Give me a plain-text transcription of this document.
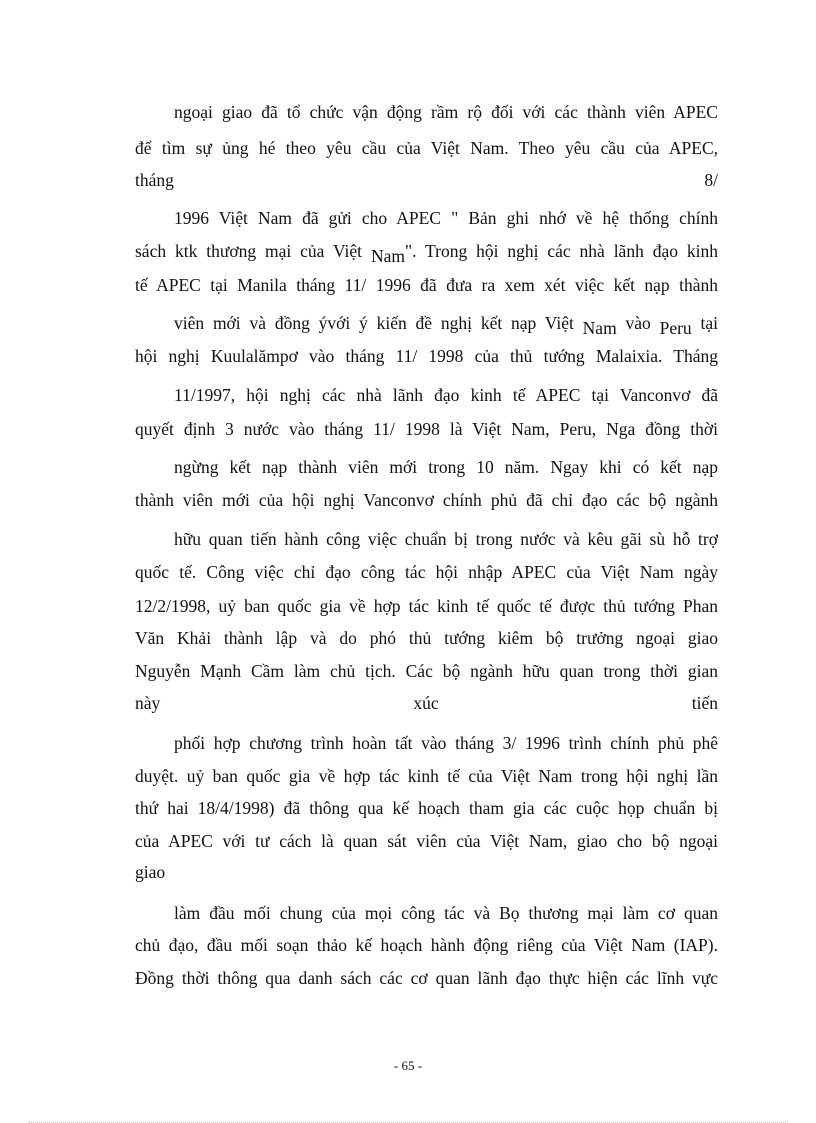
ngoại giao đã tổ chức vận động rầm rộ đối với các thành viên APEC
để tìm sự ủng hé theo yêu cầu của Việt Nam. Theo yêu cầu của APEC,
tháng 8/
1996 Việt Nam đã gửi cho APEC " Bản ghi nhớ về hệ thống chính
sách ktk thương mại của Việt Nam". Trong hội nghị các nhà lãnh đạo kinh
tế APEC tại Manila tháng 11/ 1996 đã đưa ra xem xét việc kết nạp thành
viên mới và đồng ývới ý kiến đề nghị kết nạp Việt Nam vào Peru tại
hội nghị Kuulalămpơ vào tháng 11/ 1998 của thủ tướng Malaixia. Tháng
11/1997, hội nghị các nhà lãnh đạo kinh tế APEC tại Vanconvơ đã
quyết định 3 nước vào tháng 11/ 1998 là Việt Nam, Peru, Nga đồng thời
ngừng kết nạp thành viên mới trong 10 năm. Ngay khi có kết nạp
thành viên mới của hội nghị Vanconvơ chính phủ đã chỉ đạo các bộ ngành
hữu quan tiến hành công việc chuẩn bị trong nước và kêu gãi sù hỗ trợ
quốc tế. Công việc chỉ đạo công tác hội nhập APEC của Việt Nam ngày
12/2/1998, uỷ ban quốc gia về hợp tác kinh tế quốc tế được thủ tướng Phan
Văn Khải thành lập và do phó thủ tướng kiêm bộ trưởng ngoại giao
Nguyễn Mạnh Cầm làm chủ tịch. Các bộ ngành hữu quan trong thời gian
này xúc tiến
phối hợp chương trình hoàn tất vào tháng 3/ 1996 trình chính phủ phê
duyệt. uỷ ban quốc gia về hợp tác kinh tế của Việt Nam trong hội nghị lần
thứ hai 18/4/1998) đã thông qua kế hoạch tham gia các cuộc họp chuẩn bị
của APEC với tư cách là quan sát viên của Việt Nam, giao cho bộ ngoại
giao
làm đầu mối chung của mọi công tác và Bọ thương mại làm cơ quan
chủ đạo, đầu mối soạn thảo kế hoạch hành động riêng của Việt Nam (IAP).
Đồng thời thông qua danh sách các cơ quan lãnh đạo thực hiện các lĩnh vực
- 65 -
